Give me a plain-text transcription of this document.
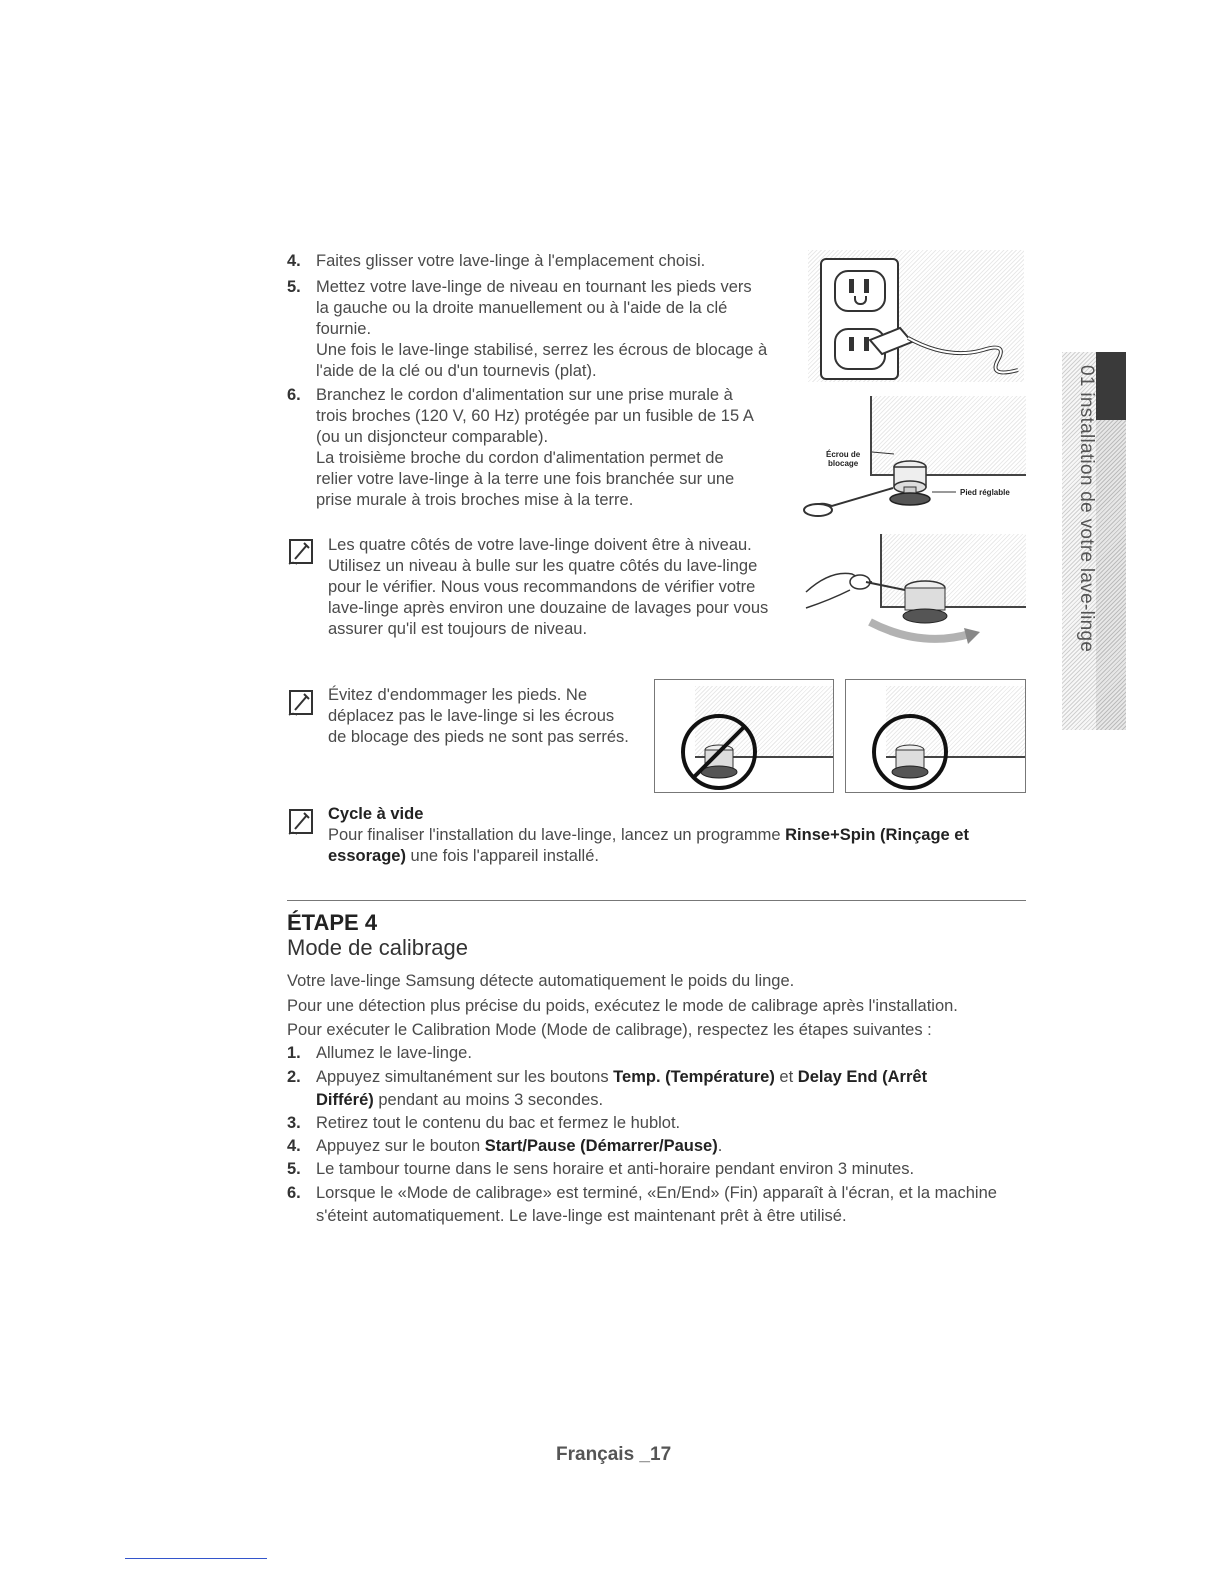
4. Faites glisser votre lave-linge à l'emplacement choisi.
5. Mettez votre lave-linge de niveau en tournant les pieds vers
la gauche ou la droite manuellement ou à l'aide de la clé
fournie.
Une fois le lave-linge stabilisé, serrez les écrous de blocage à
l'aide de la clé ou d'un tournevis (plat).
6. Branchez le cordon d'alimentation sur une prise murale à
trois broches (120 V, 60 Hz) protégée par un fusible de 15 A
(ou un disjoncteur comparable).
La troisième broche du cordon d'alimentation permet de
relier votre lave-linge à la terre une fois branchée sur une
prise murale à trois broches mise à la terre.
Les quatre côtés de votre lave-linge doivent être à niveau.
Utilisez un niveau à bulle sur les quatre côtés du lave-linge
pour le vérifier. Nous vous recommandons de vérifier votre
lave-linge après environ une douzaine de lavages pour vous
assurer qu'il est toujours de niveau.
Évitez d'endommager les pieds. Ne
déplacez pas le lave-linge si les écrous
de blocage des pieds ne sont pas serrés.
Cycle à vide
Pour finaliser l'installation du lave-linge, lancez un programme Rinse+Spin (Rinçage et
essorage) une fois l'appareil installé.
Écrou de
blocage
Pied réglable	01 installation de votre lave-linge
ÉTAPE 4
Mode de calibrage
Votre lave-linge Samsung détecte automatiquement le poids du linge.
Pour une détection plus précise du poids, exécutez le mode de calibrage après l'installation.
Pour exécuter le Calibration Mode (Mode de calibrage), respectez les étapes suivantes :
1. Allumez le lave-linge.
2. Appuyez simultanément sur les boutons Temp. (Température) et Delay End (Arrêt
Différé) pendant au moins 3 secondes.
3. Retirez tout le contenu du bac et fermez le hublot.
4. Appuyez sur le bouton Start/Pause (Démarrer/Pause).
5. Le tambour tourne dans le sens horaire et anti-horaire pendant environ 3 minutes.
6. Lorsque le «Mode de calibrage» est terminé, «En/End» (Fin) apparaît à l'écran, et la machine
s'éteint automatiquement. Le lave-linge est maintenant prêt à être utilisé.
Français _17
